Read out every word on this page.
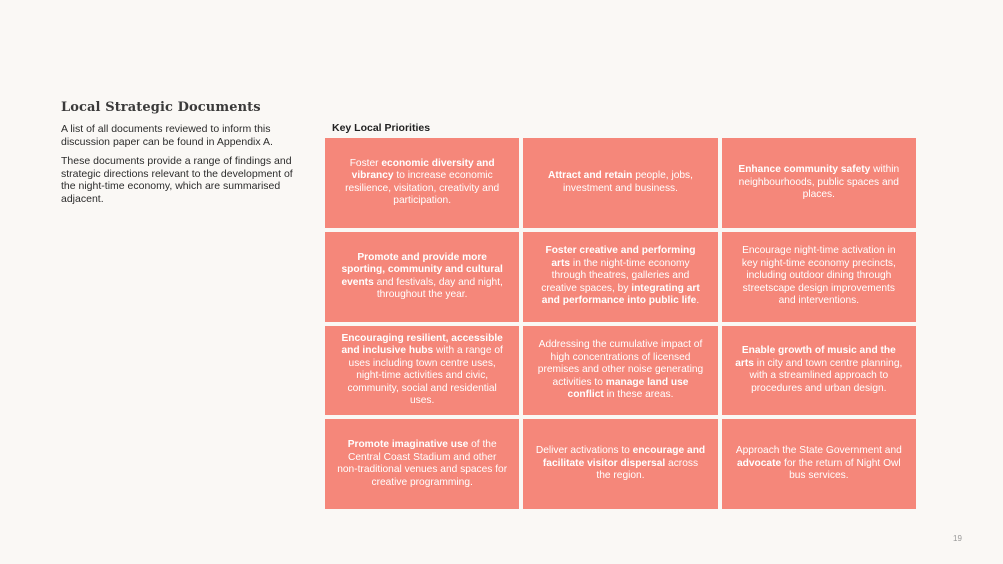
Local Strategic Documents

A list of all documents reviewed to inform this discussion paper can be found in Appendix A.

These documents provide a range of findings and strategic directions relevant to the development of the night-time economy, which are summarised adjacent.

Key Local Priorities
Foster economic diversity and vibrancy to increase economic resilience, visitation, creativity and participation.
Attract and retain people, jobs, investment and business.
Enhance community safety within neighbourhoods, public spaces and places.
Promote and provide more sporting, community and cultural events and festivals, day and night, throughout the year.
Foster creative and performing arts in the night-time economy through theatres, galleries and creative spaces, by integrating art and performance into public life.
Encourage night-time activation in key night-time economy precincts, including outdoor dining through streetscape design improvements and interventions.
Encouraging resilient, accessible and inclusive hubs with a range of uses including town centre uses, night-time activities and civic, community, social and residential uses.
Addressing the cumulative impact of high concentrations of licensed premises and other noise generating activities to manage land use conflict in these areas.
Enable growth of music and the arts in city and town centre planning, with a streamlined approach to procedures and urban design.
Promote imaginative use of the Central Coast Stadium and other non-traditional venues and spaces for creative programming.
Deliver activations to encourage and facilitate visitor dispersal across the region.
Approach the State Government and advocate for the return of Night Owl bus services.
19
